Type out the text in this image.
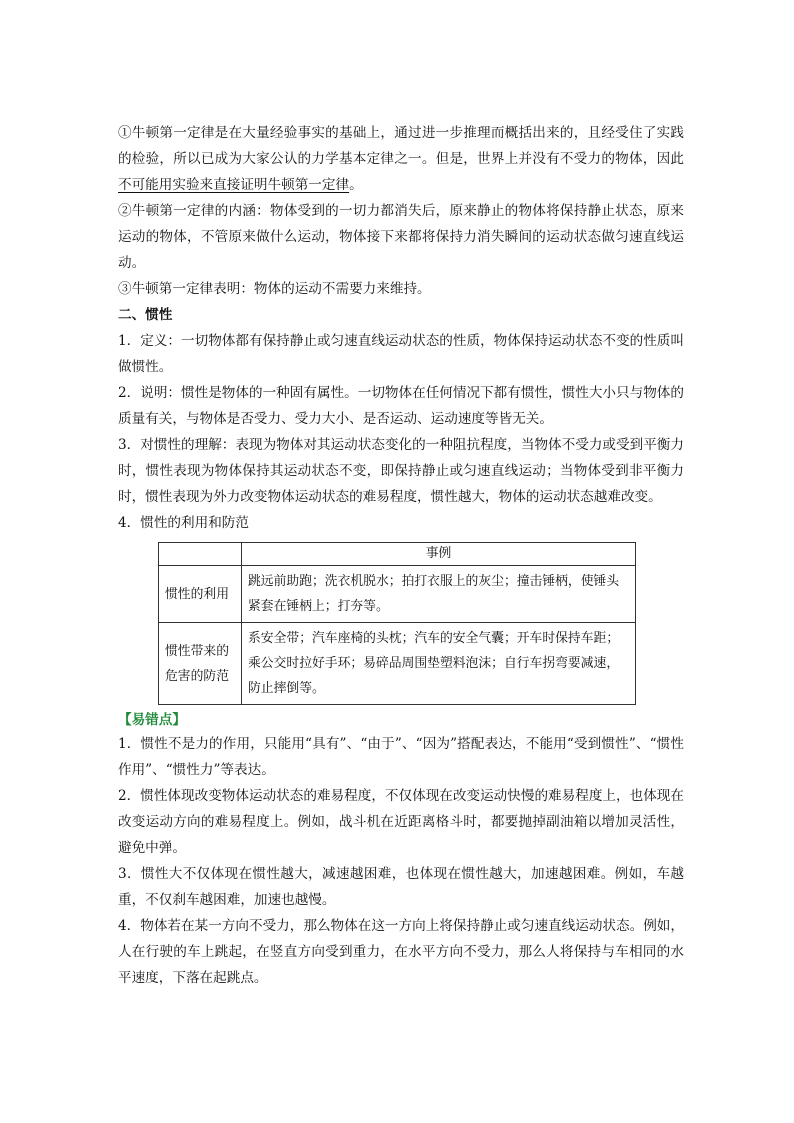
①牛顿第一定律是在大量经验事实的基础上，通过进一步推理而概括出来的，且经受住了实践的检验，所以已成为大家公认的力学基本定律之一。但是，世界上并没有不受力的物体，因此不可能用实验来直接证明牛顿第一定律。

②牛顿第一定律的内涵：物体受到的一切力都消失后，原来静止的物体将保持静止状态，原来运动的物体，不管原来做什么运动，物体接下来都将保持力消失瞬间的运动状态做匀速直线运动。

③牛顿第一定律表明：物体的运动不需要力来维持。

二、惯性

1．定义：一切物体都有保持静止或匀速直线运动状态的性质，物体保持运动状态不变的性质叫做惯性。

2．说明：惯性是物体的一种固有属性。一切物体在任何情况下都有惯性，惯性大小只与物体的质量有关，与物体是否受力、受力大小、是否运动、运动速度等皆无关。

3．对惯性的理解：表现为物体对其运动状态变化的一种阻抗程度，当物体不受力或受到平衡力时，惯性表现为物体保持其运动状态不变，即保持静止或匀速直线运动；当物体受到非平衡力时，惯性表现为外力改变物体运动状态的难易程度，惯性越大，物体的运动状态越难改变。

4．惯性的利用和防范

	事例
惯性的利用	跳远前助跑；洗衣机脱水；拍打衣服上的灰尘；撞击锤柄，使锤头紧套在锤柄上；打夯等。
惯性带来的危害的防范	系安全带；汽车座椅的头枕；汽车的安全气囊；开车时保持车距；乘公交时拉好手环；易碎品周围垫塑料泡沫；自行车拐弯要减速，防止摔倒等。

【易错点】

1．惯性不是力的作用，只能用“具有”、“由于”、“因为”搭配表达，不能用“受到惯性”、“惯性作用”、“惯性力”等表达。

2．惯性体现改变物体运动状态的难易程度，不仅体现在改变运动快慢的难易程度上，也体现在改变运动方向的难易程度上。例如，战斗机在近距离格斗时，都要抛掉副油箱以增加灵活性，避免中弹。

3．惯性大不仅体现在惯性越大，减速越困难，也体现在惯性越大，加速越困难。例如，车越重，不仅刹车越困难，加速也越慢。

4．物体若在某一方向不受力，那么物体在这一方向上将保持静止或匀速直线运动状态。例如，人在行驶的车上跳起，在竖直方向受到重力，在水平方向不受力，那么人将保持与车相同的水平速度，下落在起跳点。
